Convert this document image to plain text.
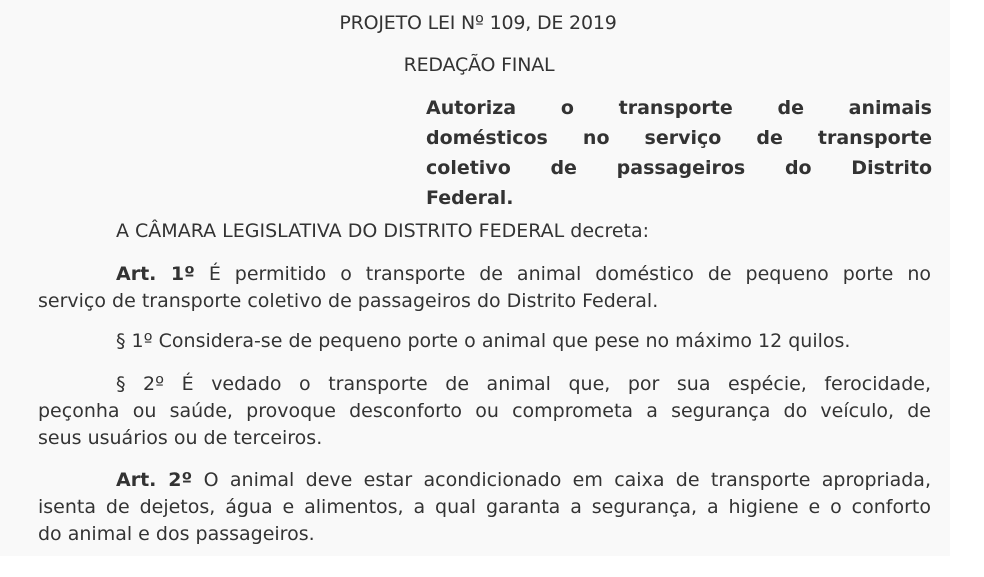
PROJETO LEI Nº 109, DE 2019
REDAÇÃO FINAL
Autoriza o transporte de animais
domésticos no serviço de transporte
coletivo de passageiros do Distrito
Federal.
A CÂMARA LEGISLATIVA DO DISTRITO FEDERAL decreta:
Art. 1º É permitido o transporte de animal doméstico de pequeno porte no
serviço de transporte coletivo de passageiros do Distrito Federal.
§ 1º Considera-se de pequeno porte o animal que pese no máximo 12 quilos.
§ 2º É vedado o transporte de animal que, por sua espécie, ferocidade,
peçonha ou saúde, provoque desconforto ou comprometa a segurança do veículo, de
seus usuários ou de terceiros.
Art. 2º O animal deve estar acondicionado em caixa de transporte apropriada,
isenta de dejetos, água e alimentos, a qual garanta a segurança, a higiene e o conforto
do animal e dos passageiros.
